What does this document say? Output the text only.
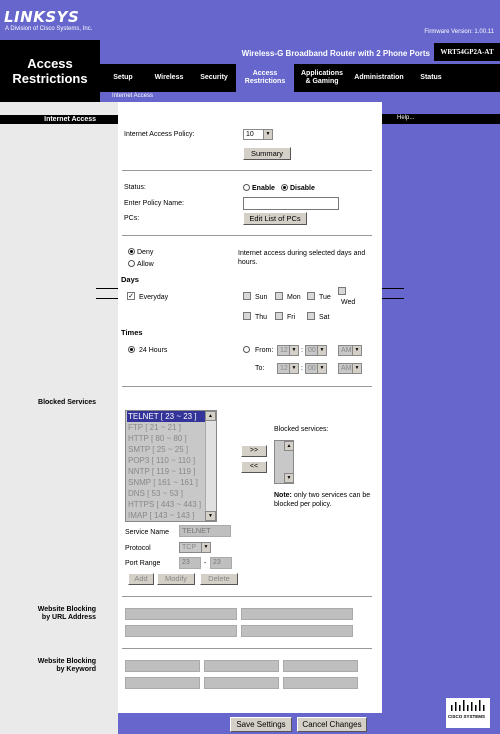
LINKSYS
A Division of Cisco Systems, Inc.	Firmware Version: 1.00.11
Access
Restrictions
Wireless-G Broadband Router with 2 Phone Ports	WRT54GP2A-AT
Setup	Wireless	Security
Access
Restrictions
Applications
& Gaming
Administration	Status
Internet Access
Internet Access
Blocked Services
Website Blocking
by URL Address
Website Blocking
by Keyword
Help...
Internet Access Policy:	10	▼
Summary
Status:	Enable Disable
Enter Policy Name:
PCs:	Edit List of PCs
Deny
Allow
Internet access during selected days and hours.
Days
✓ Everyday	Sun	Mon	Tue
Wed
Thu	Fri	Sat
Times
24 Hours	From: 12 ▼ : 00 ▼	AM ▼
To:	12 ▼ : 00 ▼	AM ▼
TELNET [ 23 ~ 23 ]
FTP [ 21 ~ 21 ]
HTTP [ 80 ~ 80 ]
SMTP [ 25 ~ 25 ]
POP3 [ 110 ~ 110 ]
NNTP [ 119 ~ 119 ]
SNMP [ 161 ~ 161 ]
DNS [ 53 ~ 53 ]
HTTPS [ 443 ~ 443 ]
IMAP [ 143 ~ 143 ]
▲
▼
>>
<<
Blocked services:
▲
▼
Note: only two services can be blocked per policy.
Service Name	TELNET
Protocol	TCP	▼
Port Range	23	- 23
Add	Modify	Delete
Save Settings	Cancel Changes
CISCO SYSTEMS
